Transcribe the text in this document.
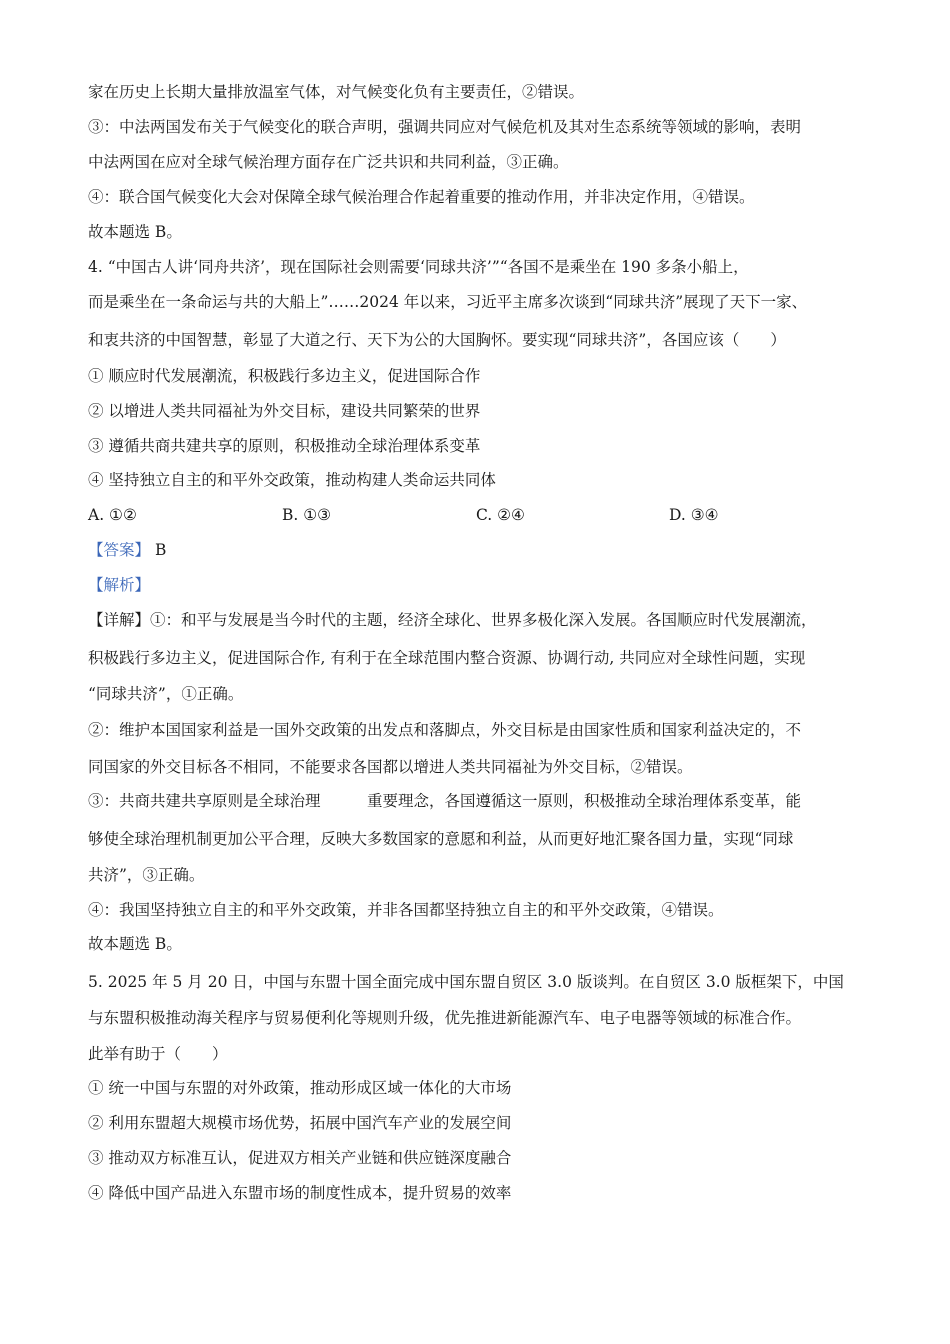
家在历史上长期大量排放温室气体，对气候变化负有主要责任，②错误。
③：中法两国发布关于气候变化的联合声明，强调共同应对气候危机及其对生态系统等领域的影响，表明
中法两国在应对全球气候治理方面存在广泛共识和共同利益，③正确。
④：联合国气候变化大会对保障全球气候治理合作起着重要的推动作用，并非决定作用，④错误。
故本题选 B。
4. “中国古人讲‘同舟共济’，现在国际社会则需要‘同球共济’”“各国不是乘坐在 190 多条小船上，
而是乘坐在一条命运与共的大船上”……2024 年以来，习近平主席多次谈到“同球共济”展现了天下一家、
和衷共济的中国智慧，彰显了大道之行、天下为公的大国胸怀。要实现“同球共济”，各国应该（　　）
① 顺应时代发展潮流，积极践行多边主义，促进国际合作
② 以增进人类共同福祉为外交目标，建设共同繁荣的世界
③ 遵循共商共建共享的原则，积极推动全球治理体系变革
④ 坚持独立自主的和平外交政策，推动构建人类命运共同体
A. ①②	B. ①③	C. ②④	D. ③④
【答案】 B
【解析】
【详解】①：和平与发展是当今时代的主题，经济全球化、世界多极化深入发展。各国顺应时代发展潮流，
积极践行多边主义，促进国际合作, 有利于在全球范围内整合资源、协调行动, 共同应对全球性问题，实现
“同球共济”，①正确。
②：维护本国国家利益是一国外交政策的出发点和落脚点，外交目标是由国家性质和国家利益决定的，不
同国家的外交目标各不相同，不能要求各国都以增进人类共同福祉为外交目标，②错误。
③：共商共建共享原则是全球治理　　　重要理念，各国遵循这一原则，积极推动全球治理体系变革，能
够使全球治理机制更加公平合理，反映大多数国家的意愿和利益，从而更好地汇聚各国力量，实现“同球
共济”，③正确。
④：我国坚持独立自主的和平外交政策，并非各国都坚持独立自主的和平外交政策，④错误。
故本题选 B。
5. 2025 年 5 月 20 日，中国与东盟十国全面完成中国东盟自贸区 3.0 版谈判。在自贸区 3.0 版框架下，中国
与东盟积极推动海关程序与贸易便利化等规则升级，优先推进新能源汽车、电子电器等领域的标准合作。
此举有助于（　　）
① 统一中国与东盟的对外政策，推动形成区域一体化的大市场
② 利用东盟超大规模市场优势，拓展中国汽车产业的发展空间
③ 推动双方标准互认，促进双方相关产业链和供应链深度融合
④ 降低中国产品进入东盟市场的制度性成本，提升贸易的效率
